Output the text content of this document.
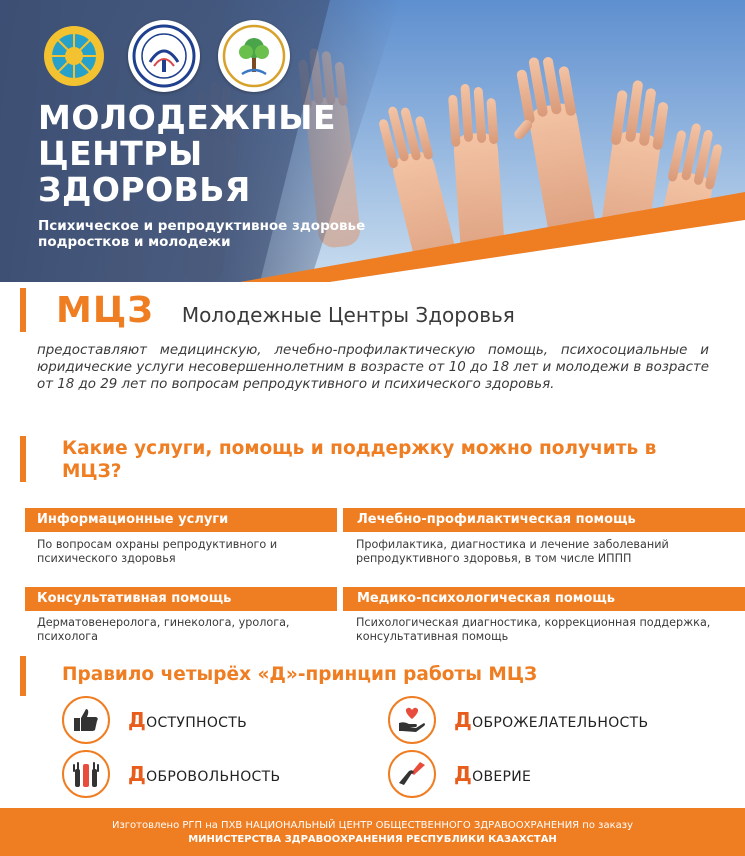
МОЛОДЕЖНЫЕ
ЦЕНТРЫ
ЗДОРОВЬЯ
Психическое и репродуктивное здоровье
подростков и молодежи
МЦЗ Молодежные Центры Здоровья
предоставляют медицинскую, лечебно-профилактическую помощь, психосоциальные и юридические услуги несовершеннолетним в возрасте от 10 до 18 лет и молодежи в возрасте от 18 до 29 лет по вопросам репродуктивного и психического здоровья.
Какие услуги, помощь и поддержку можно получить в МЦЗ?
Информационные услуги
По вопросам охраны репродуктивного и психического здоровья
Лечебно-профилактическая помощь
Профилактика, диагностика и лечение заболеваний репродуктивного здоровья, в том числе ИППП
Консультативная помощь
Дерматовенеролога, гинеколога, уролога, психолога
Медико-психологическая помощь
Психологическая диагностика, коррекционная поддержка, консультативная помощь
Правило четырёх «Д»-принцип работы МЦЗ
ДОСТУПНОСТЬ	ДОБРОЖЕЛАТЕЛЬНОСТЬ
ДОБРОВОЛЬНОСТЬ	ДОВЕРИЕ
Изготовлено РГП на ПХВ НАЦИОНАЛЬНЫЙ ЦЕНТР ОБЩЕСТВЕННОГО ЗДРАВООХРАНЕНИЯ по заказу
МИНИСТЕРСТВА ЗДРАВООХРАНЕНИЯ РЕСПУБЛИКИ КАЗАХСТАН
